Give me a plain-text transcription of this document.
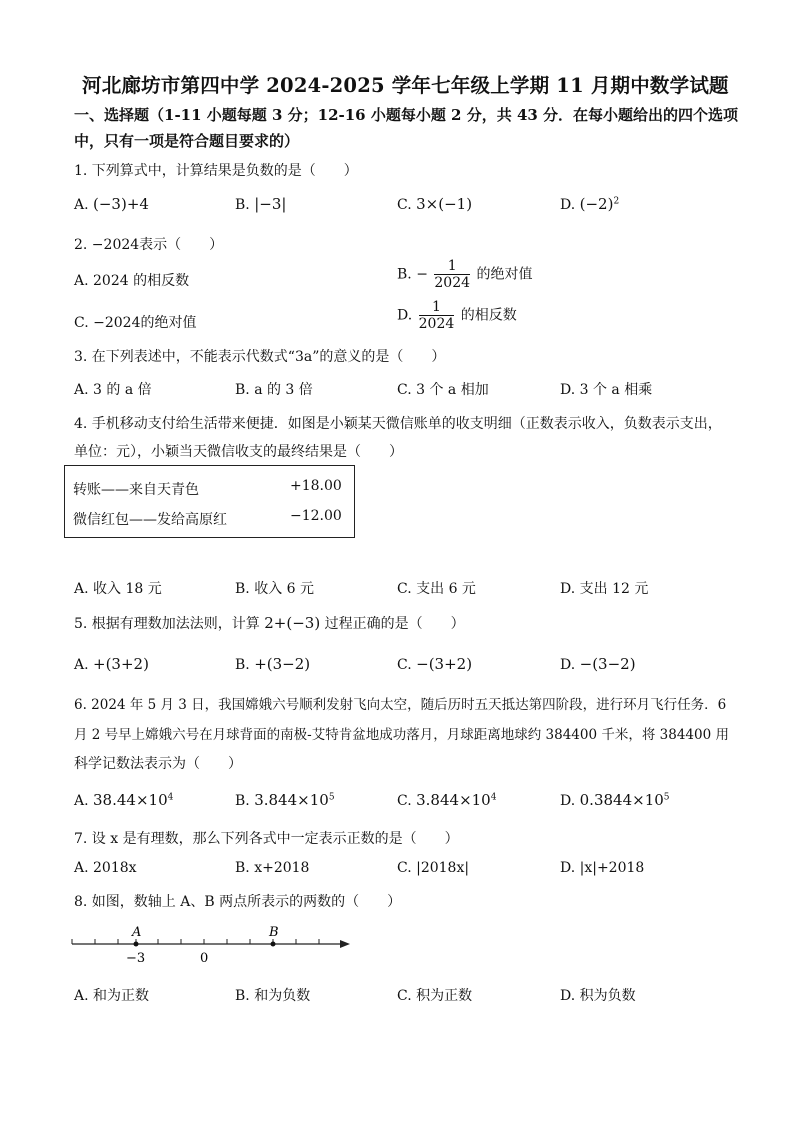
河北廊坊市第四中学 2024-2025 学年七年级上学期 11 月期中数学试题
一、选择题（1-11 小题每题 3 分；12-16 小题每小题 2 分，共 43 分．在每小题给出的四个选项
中，只有一项是符合题目要求的）
1. 下列算式中，计算结果是负数的是（　　）
A. (−3)+4	B. |−3|	C. 3×(−1)	D. $(-2)^2$
2. −2024表示（　　）
A. 2024 的相反数	B. − $\frac{1}{2024}$ 的绝对值
C. −2024的绝对值	D. $\frac{1}{2024}$ 的相反数
3. 在下列表述中，不能表示代数式“3a”的意义的是（　　）
A. 3 的 a 倍	B. a 的 3 倍	C. 3 个 a 相加	D. 3 个 a 相乘
4. 手机移动支付给生活带来便捷．如图是小颖某天微信账单的收支明细（正数表示收入，负数表示支出，
单位：元），小颖当天微信收支的最终结果是（　　）
转账——来自天青色	+18.00
微信红包——发给高原红	−12.00
A. 收入 18 元	B. 收入 6 元	C. 支出 6 元	D. 支出 12 元
5. 根据有理数加法法则，计算 2+(−3) 过程正确的是（　　）
A. +(3+2)	B. +(3−2)	C. −(3+2)	D. −(3−2)
6. 2024 年 5 月 3 日，我国嫦娥六号顺利发射飞向太空，随后历时五天抵达第四阶段，进行环月飞行任务．6
月 2 号早上嫦娥六号在月球背面的南极-艾特肯盆地成功落月，月球距离地球约 384400 千米，将 384400 用
科学记数法表示为（　　）
A. $38.44\times 10^4$	B. $3.844\times 10^5$	C. $3.844\times 10^4$	D. $0.3844\times 10^5$
7. 设 x 是有理数，那么下列各式中一定表示正数的是（　　）
A. 2018x	B. x+2018	C. |2018x|	D. |x|+2018
8. 如图，数轴上 A、B 两点所表示的两数的（　　）
A	B
−3	0
A. 和为正数	B. 和为负数	C. 积为正数	D. 积为负数
